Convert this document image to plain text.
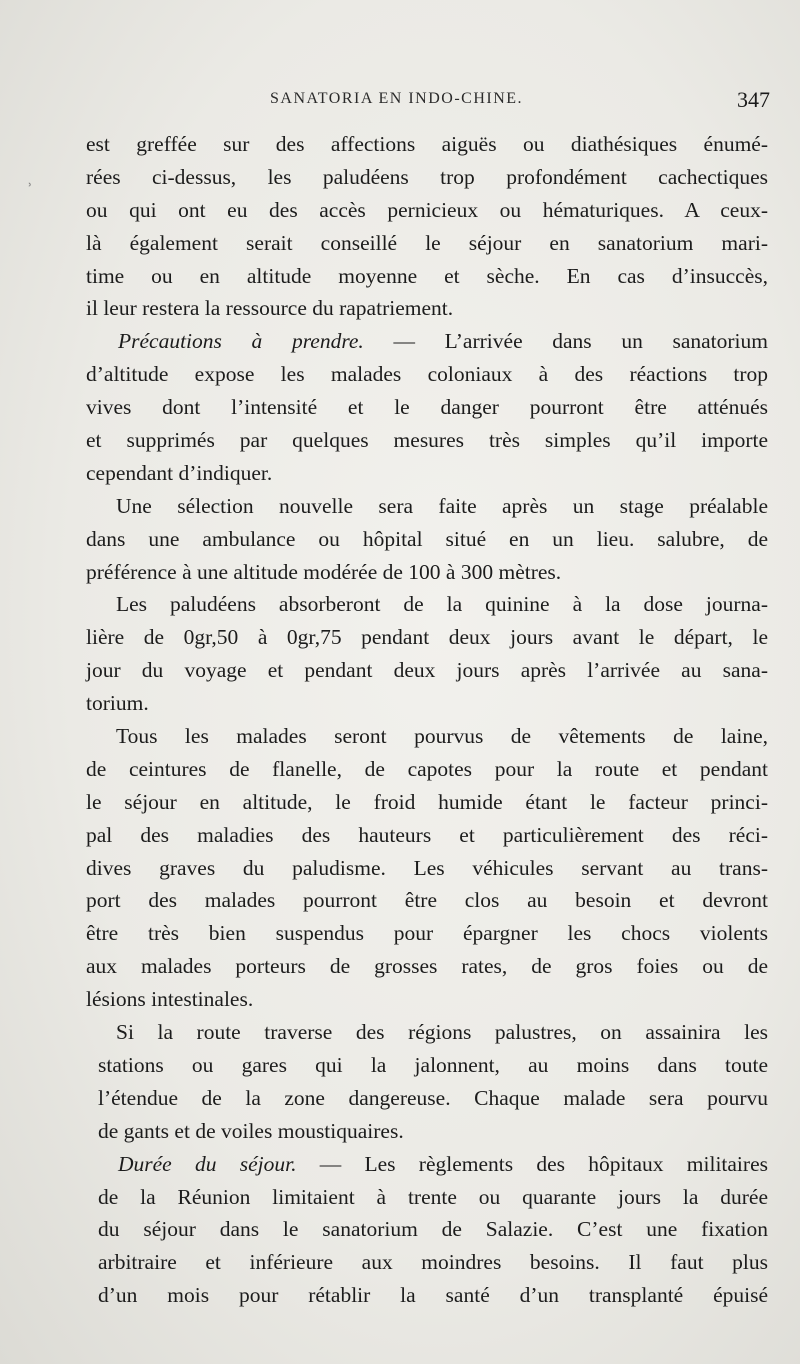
SANATORIA EN INDO-CHINE.	347
˒
est greffée sur des affections aiguës ou diathésiques énumé-
rées ci-dessus, les paludéens trop profondément cachectiques
ou qui ont eu des accès pernicieux ou hématuriques. A ceux-
là également serait conseillé le séjour en sanatorium mari-
time ou en altitude moyenne et sèche. En cas d’insuccès,
il leur restera la ressource du rapatriement.
Précautions à prendre. — L’arrivée dans un sanatorium
d’altitude expose les malades coloniaux à des réactions trop
vives dont l’intensité et le danger pourront être atténués
et supprimés par quelques mesures très simples qu’il importe
cependant d’indiquer.
Une sélection nouvelle sera faite après un stage préalable
dans une ambulance ou hôpital situé en un lieu. salubre, de
préférence à une altitude modérée de 100 à 300 mètres.
Les paludéens absorberont de la quinine à la dose journa-
lière de 0gr,50 à 0gr,75 pendant deux jours avant le départ, le
jour du voyage et pendant deux jours après l’arrivée au sana-
torium.
Tous les malades seront pourvus de vêtements de laine,
de ceintures de flanelle, de capotes pour la route et pendant
le séjour en altitude, le froid humide étant le facteur princi-
pal des maladies des hauteurs et particulièrement des réci-
dives graves du paludisme. Les véhicules servant au trans-
port des malades pourront être clos au besoin et devront
être très bien suspendus pour épargner les chocs violents
aux malades porteurs de grosses rates, de gros foies ou de
lésions intestinales.
Si la route traverse des régions palustres, on assainira les
stations ou gares qui la jalonnent, au moins dans toute
l’étendue de la zone dangereuse. Chaque malade sera pourvu
de gants et de voiles moustiquaires.
Durée du séjour. — Les règlements des hôpitaux militaires
de la Réunion limitaient à trente ou quarante jours la durée
du séjour dans le sanatorium de Salazie. C’est une fixation
arbitraire et inférieure aux moindres besoins. Il faut plus
d’un mois pour rétablir la santé d’un transplanté épuisé
